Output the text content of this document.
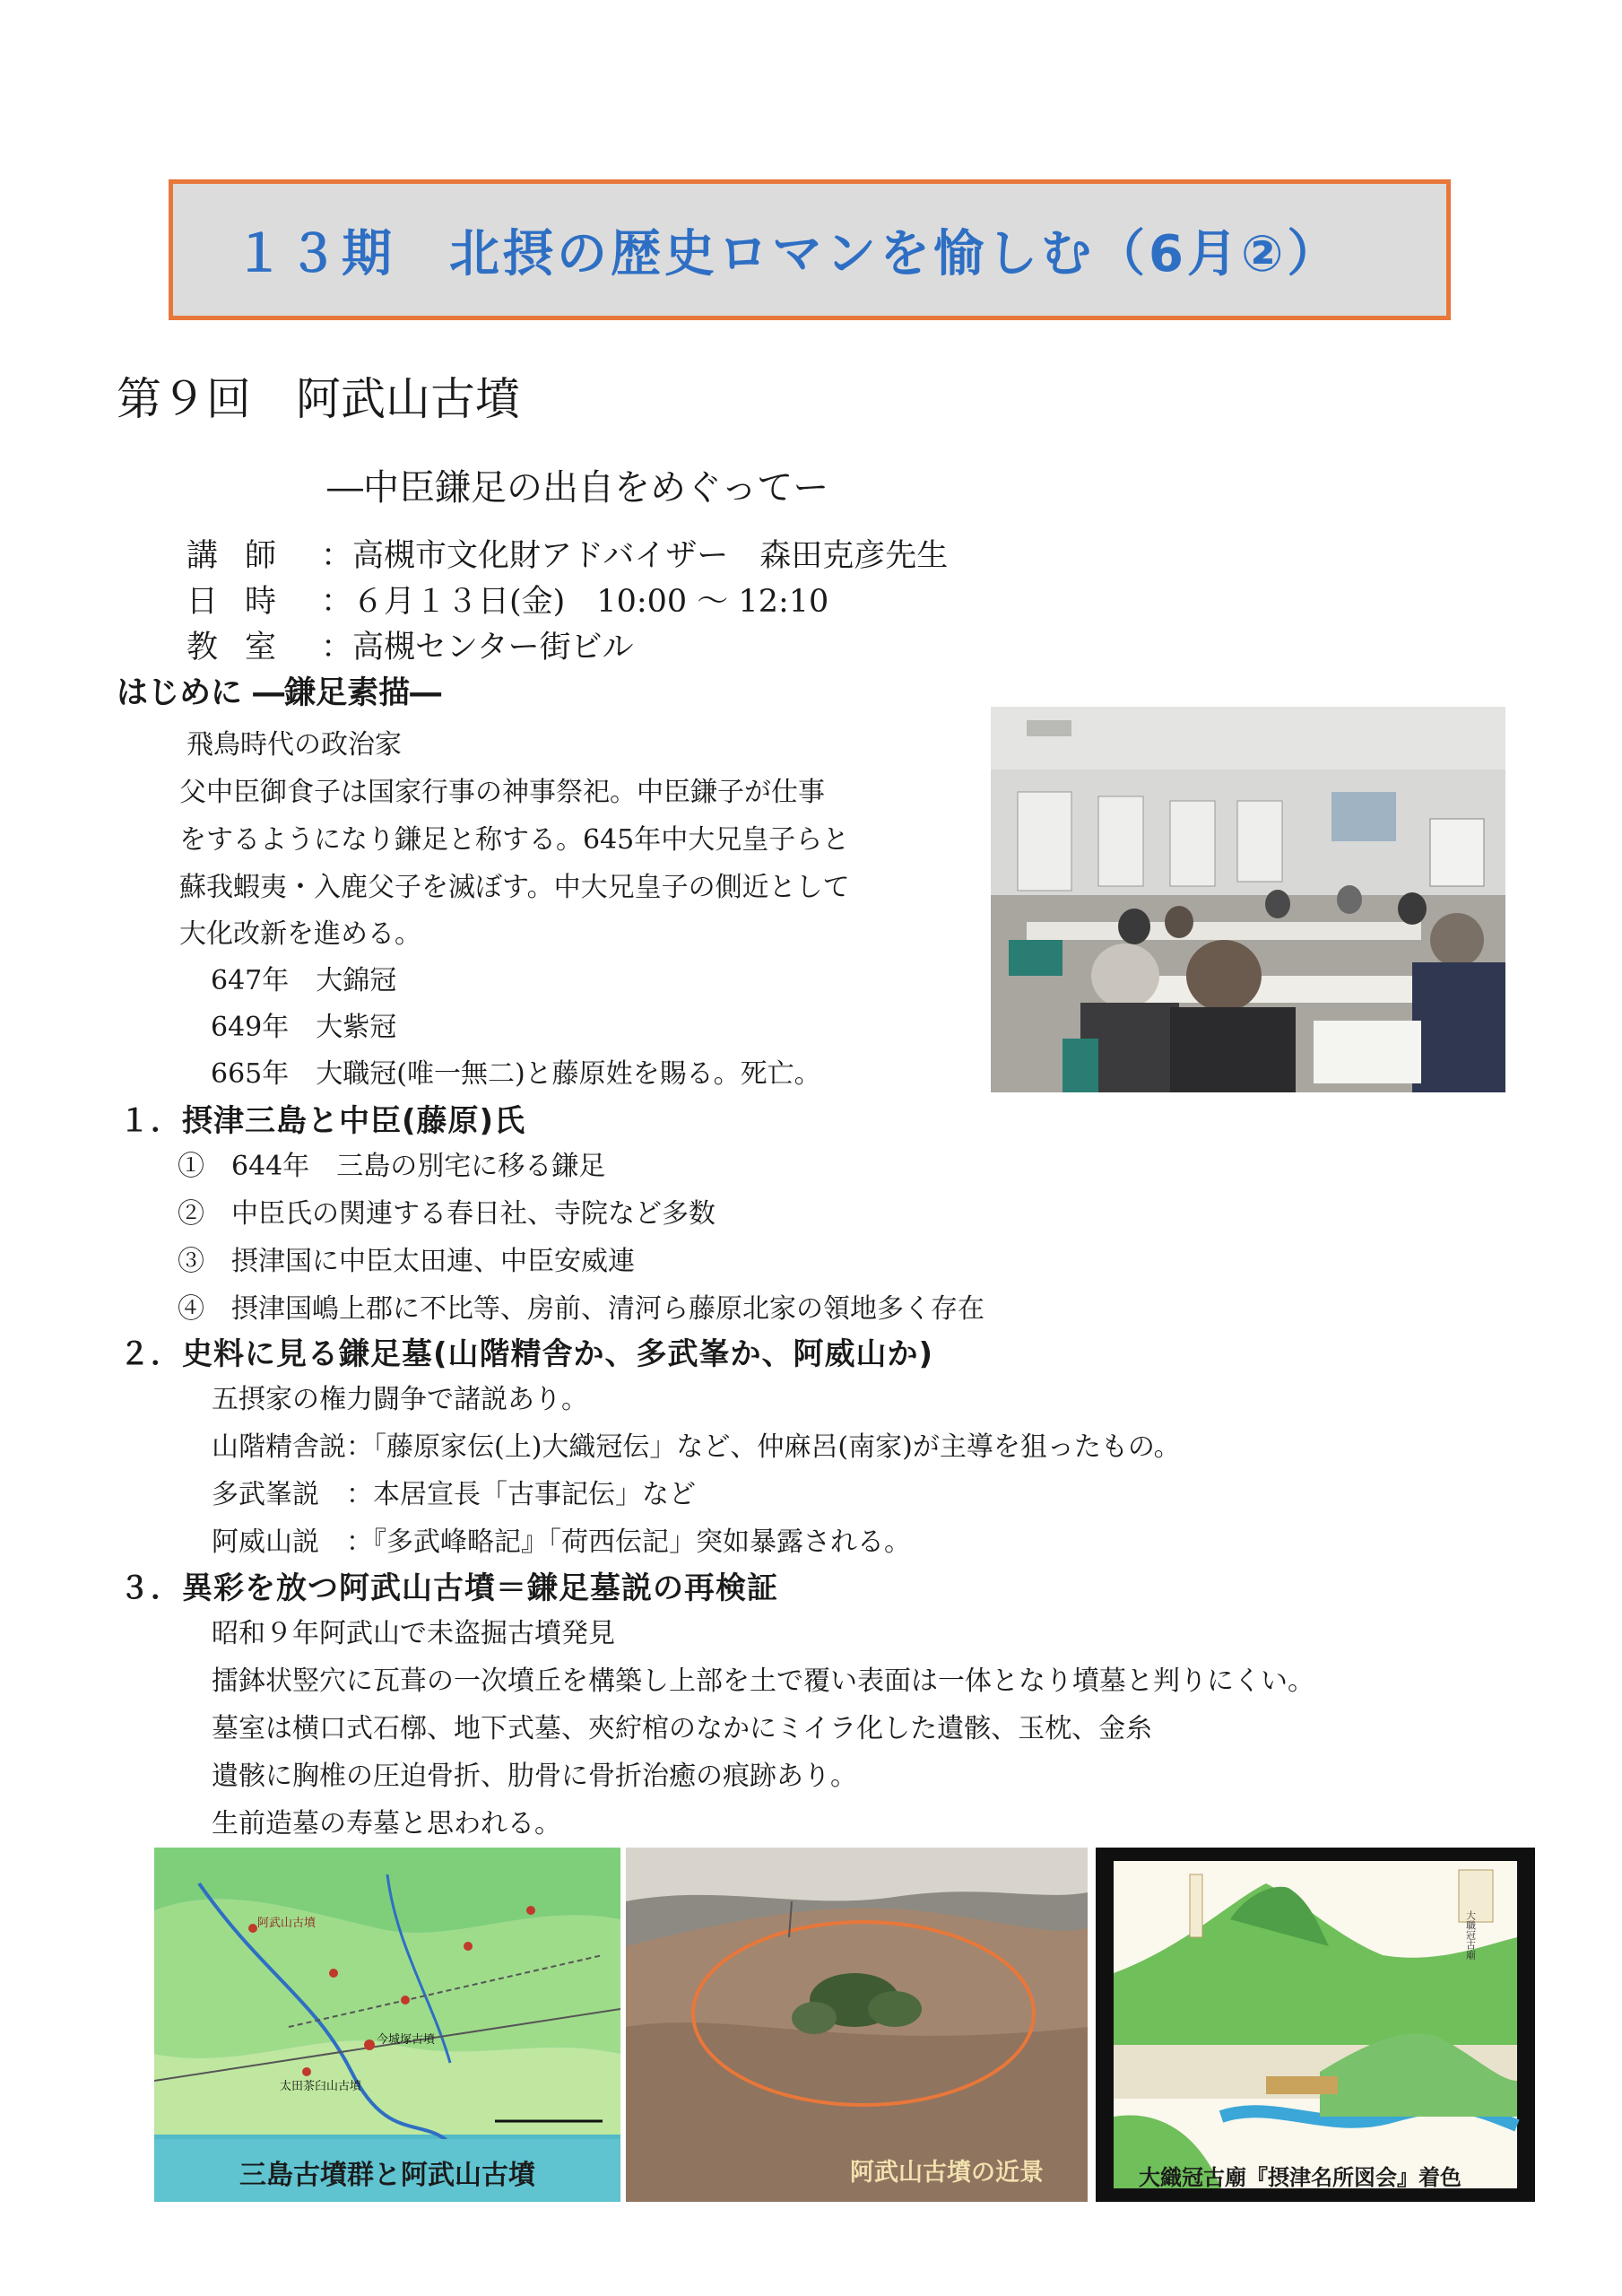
１３期　北摂の歴史ロマンを愉しむ（6月②）
第９回　阿武山古墳
―中臣鎌足の出自をめぐってー
講師 ：高槻市文化財アドバイザー　森田克彦先生
日時 ：６月１３日(金)　10:00 〜 12:10
教室 ：高槻センター街ビル
はじめに ―鎌足素描―
飛鳥時代の政治家
父中臣御食子は国家行事の神事祭祀。中臣鎌子が仕事
をするようになり鎌足と称する。645年中大兄皇子らと
蘇我蝦夷・入鹿父子を滅ぼす。中大兄皇子の側近として
大化改新を進める。
647年　大錦冠
649年　大紫冠
665年　大職冠(唯一無二)と藤原姓を賜る。死亡。
１．摂津三島と中臣(藤原)氏
①　644年　三島の別宅に移る鎌足
②　中臣氏の関連する春日社、寺院など多数
③　摂津国に中臣太田連、中臣安威連
④　摂津国嶋上郡に不比等、房前、清河ら藤原北家の領地多く存在
２．史料に見る鎌足墓(山階精舎か、多武峯か、阿威山か)
五摂家の権力闘争で諸説あり。
山階精舎説：「藤原家伝(上)大織冠伝」など、仲麻呂(南家)が主導を狙ったもの。
多武峯説　：本居宣長「古事記伝」など
阿威山説　：『多武峰略記』「荷西伝記」突如暴露される。
３．異彩を放つ阿武山古墳＝鎌足墓説の再検証
昭和９年阿武山で未盗掘古墳発見
擂鉢状竪穴に瓦葺の一次墳丘を構築し上部を土で覆い表面は一体となり墳墓と判りにくい。
墓室は横口式石槨、地下式墓、夾紵棺のなかにミイラ化した遺骸、玉枕、金糸
遺骸に胸椎の圧迫骨折、肋骨に骨折治癒の痕跡あり。
生前造墓の寿墓と思われる。
阿武山古墳
今城塚古墳
太田茶臼山古墳
三島古墳群と阿武山古墳	阿武山古墳の近景
大職冠古廟
大織冠古廟『摂津名所図会』着色
